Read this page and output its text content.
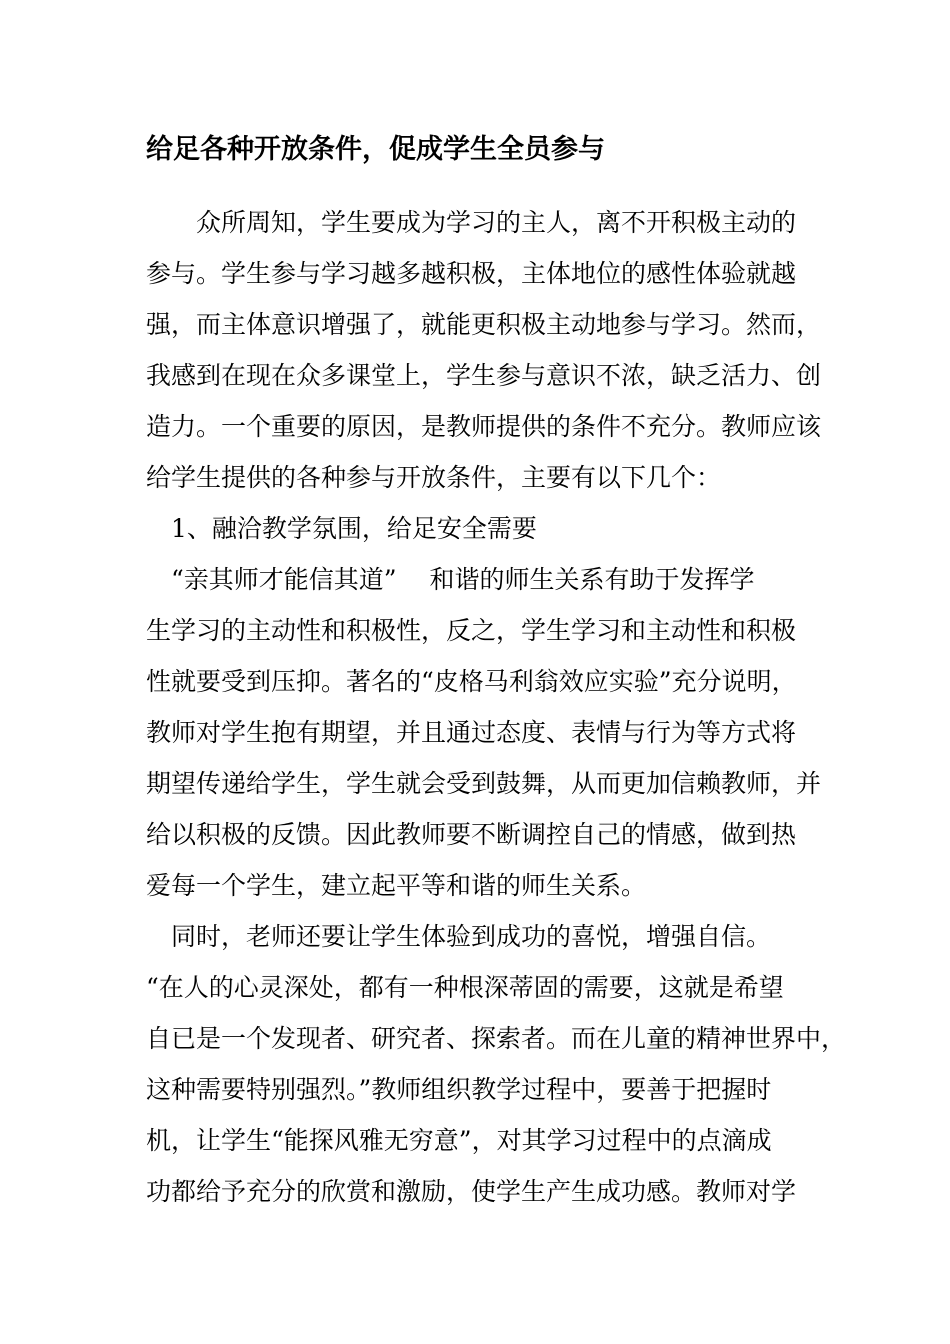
给足各种开放条件，促成学生全员参与
　　众所周知，学生要成为学习的主人，离不开积极主动的
参与。学生参与学习越多越积极，主体地位的感性体验就越
强，而主体意识增强了，就能更积极主动地参与学习。然而，
我感到在现在众多课堂上，学生参与意识不浓，缺乏活力、创
造力。一个重要的原因，是教师提供的条件不充分。教师应该
给学生提供的各种参与开放条件，主要有以下几个：
　1、融洽教学氛围，给足安全需要
　“亲其师才能信其道”　 和谐的师生关系有助于发挥学
生学习的主动性和积极性，反之，学生学习和主动性和积极
性就要受到压抑。著名的“皮格马利翁效应实验”充分说明，
教师对学生抱有期望，并且通过态度、表情与行为等方式将
期望传递给学生，学生就会受到鼓舞，从而更加信赖教师，并
给以积极的反馈。因此教师要不断调控自己的情感，做到热
爱每一个学生，建立起平等和谐的师生关系。
　同时，老师还要让学生体验到成功的喜悦，增强自信。
“在人的心灵深处，都有一种根深蒂固的需要，这就是希望
自已是一个发现者、研究者、探索者。而在儿童的精神世界中，
这种需要特别强烈。”教师组织教学过程中，要善于把握时
机，让学生“能探风雅无穷意”，对其学习过程中的点滴成
功都给予充分的欣赏和激励，使学生产生成功感。教师对学
